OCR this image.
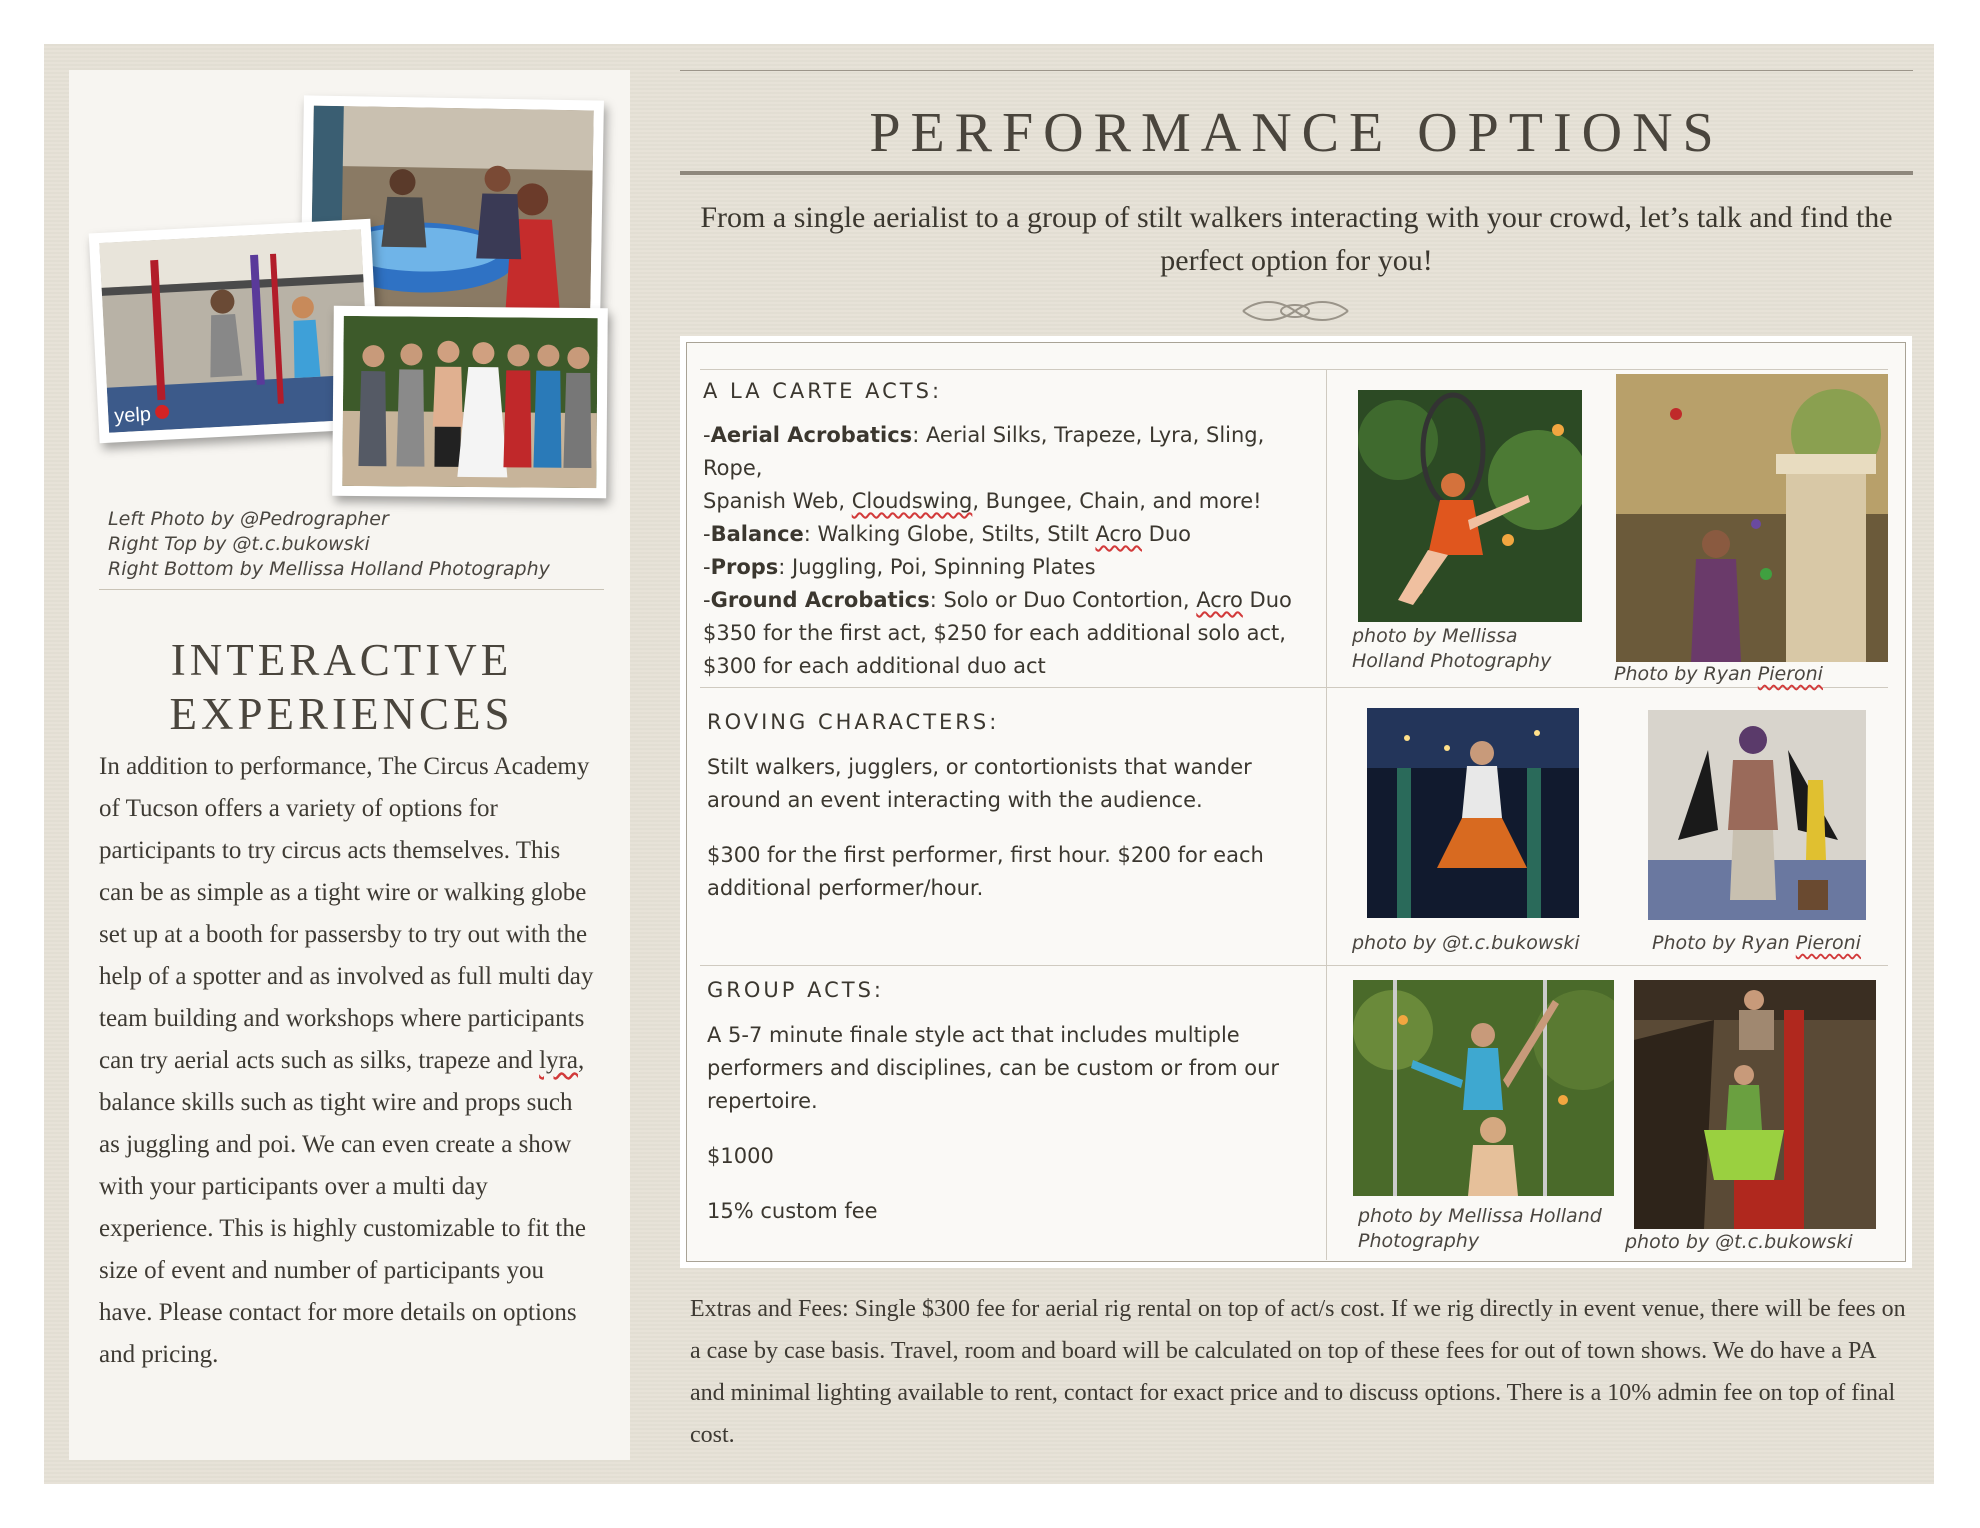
yelp
Left Photo by @Pedrographer
Right Top by @t.c.bukowski
Right Bottom by Mellissa Holland Photography
INTERACTIVE
EXPERIENCES
In addition to performance, The Circus Academy of Tucson offers a variety of options for participants to try circus acts themselves. This can be as simple as a tight wire or walking globe set up at a booth for passersby to try out with the help of a spotter and as involved as full multi day team building and workshops where participants can try aerial acts such as silks, trapeze and lyra, balance skills such as tight wire and props such as juggling and poi. We can even create a show with your participants over a multi day experience. This is highly customizable to fit the size of event and number of participants you have. Please contact for more details on options and pricing.
PERFORMANCE OPTIONS
From a single aerialist to a group of stilt walkers interacting with your crowd, let’s talk and find the perfect option for you!
A LA CARTE ACTS:

-Aerial Acrobatics: Aerial Silks, Trapeze, Lyra, Sling, Rope,

Spanish Web, Cloudswing, Bungee, Chain, and more!

-Balance: Walking Globe, Stilts, Stilt Acro Duo

-Props: Juggling, Poi, Spinning Plates

-Ground Acrobatics: Solo or Duo Contortion, Acro Duo

$350 for the first act, $250 for each additional solo act,

$300 for each additional duo act

photo by Mellissa Holland Photography
Photo by Ryan Pieroni
ROVING CHARACTERS:

Stilt walkers, jugglers, or contortionists that wander around an event interacting with the audience.

$300 for the first performer, first hour. $200 for each additional performer/hour.

photo by @t.c.bukowski	Photo by Ryan Pieroni
GROUP ACTS:

A 5-7 minute finale style act that includes multiple performers and disciplines, can be custom or from our repertoire.

$1000

15% custom fee	photo by Mellissa Holland Photography	photo by @t.c.bukowski
Extras and Fees: Single $300 fee for aerial rig rental on top of act/s cost. If we rig directly in event venue, there will be fees on a case by case basis. Travel, room and board will be calculated on top of these fees for out of town shows. We do have a PA and minimal lighting available to rent, contact for exact price and to discuss options. There is a 10% admin fee on top of final cost.
